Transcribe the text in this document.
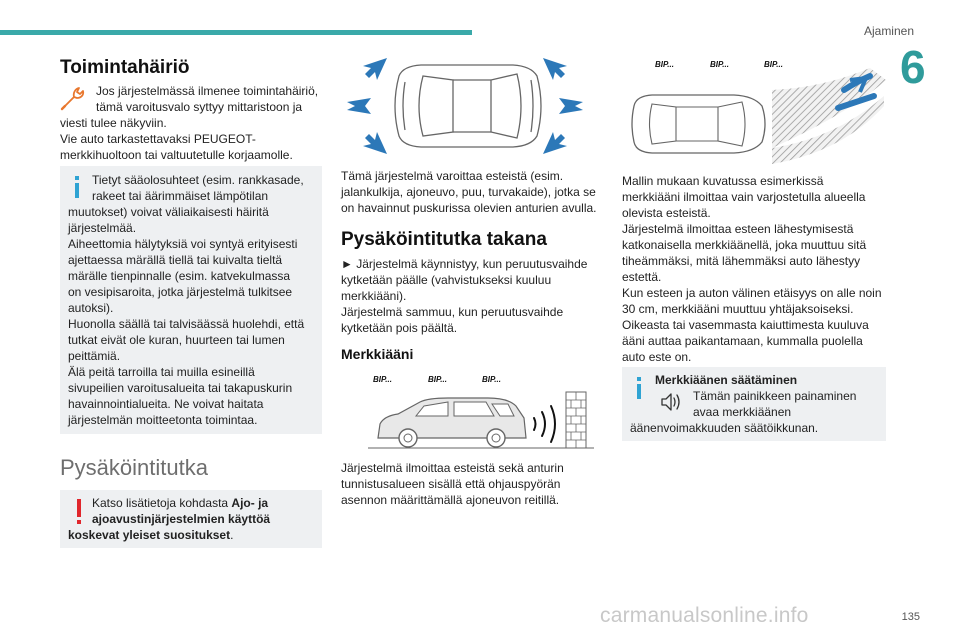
Ajaminen
6
Toimintahäiriö

Jos järjestelmässä ilmenee toimintahäiriö,

tämä varoitusvalo syttyy mittaristoon ja

viesti tulee näkyviin.

Vie auto tarkastettavaksi PEUGEOT-

merkkihuoltoon tai valtuutetulle korjaamolle.

Tietyt sääolosuhteet (esim. rankkasade,

rakeet tai äärimmäiset lämpötilan

muutokset) voivat väliaikaisesti häiritä

järjestelmää.

Aiheettomia hälytyksiä voi syntyä erityisesti

ajettaessa märällä tiellä tai kuivalta tieltä

märälle tienpinnalle (esim. katvekulmassa

on vesipisaroita, jotka järjestelmä tulkitsee

autoksi).

Huonolla säällä tai talvisäässä huolehdi, että

tutkat eivät ole kuran, huurteen tai lumen

peittämiä.

Älä peitä tarroilla tai muilla esineillä

sivupeilien varoitusalueita tai takapuskurin

havainnointialueita. Ne voivat haitata

järjestelmän moitteetonta toimintaa.

Pysäköintitutka

Katso lisätietoja kohdasta Ajo- ja

ajoavustinjärjestelmien käyttöä

koskevat yleiset suositukset.

Tämä järjestelmä varoittaa esteistä (esim.

jalankulkija, ajoneuvo, puu, turvakaide), jotka se

on havainnut puskurissa olevien anturien avulla.

Pysäköintitutka takana

► Järjestelmä käynnistyy, kun peruutusvaihde

kytketään päälle (vahvistukseksi kuuluu

merkkiääni).

Järjestelmä sammuu, kun peruutusvaihde

kytketään pois päältä.

Merkkiääni
BIP...	BIP...	BIP...

Järjestelmä ilmoittaa esteistä sekä anturin

tunnistusalueen sisällä että ohjauspyörän

asennon määrittämällä ajoneuvon reitillä.

BIP...	BIP...	BIP...

Mallin mukaan kuvatussa esimerkissä

merkkiääni ilmoittaa vain varjostetulla alueella

olevista esteistä.

Järjestelmä ilmoittaa esteen lähestymisestä

katkonaisella merkkiäänellä, joka muuttuu sitä

tiheämmäksi, mitä lähemmäksi auto lähestyy

estettä.

Kun esteen ja auton välinen etäisyys on alle noin

30 cm, merkkiääni muuttuu yhtäjaksoiseksi.

Oikeasta tai vasemmasta kaiuttimesta kuuluva

ääni auttaa paikantamaan, kummalla puolella

auto este on.

Merkkiäänen säätäminen

Tämän painikkeen painaminen

avaa merkkiäänen

äänenvoimakkuuden säätöikkunan.

carmanualsonline.info	135
